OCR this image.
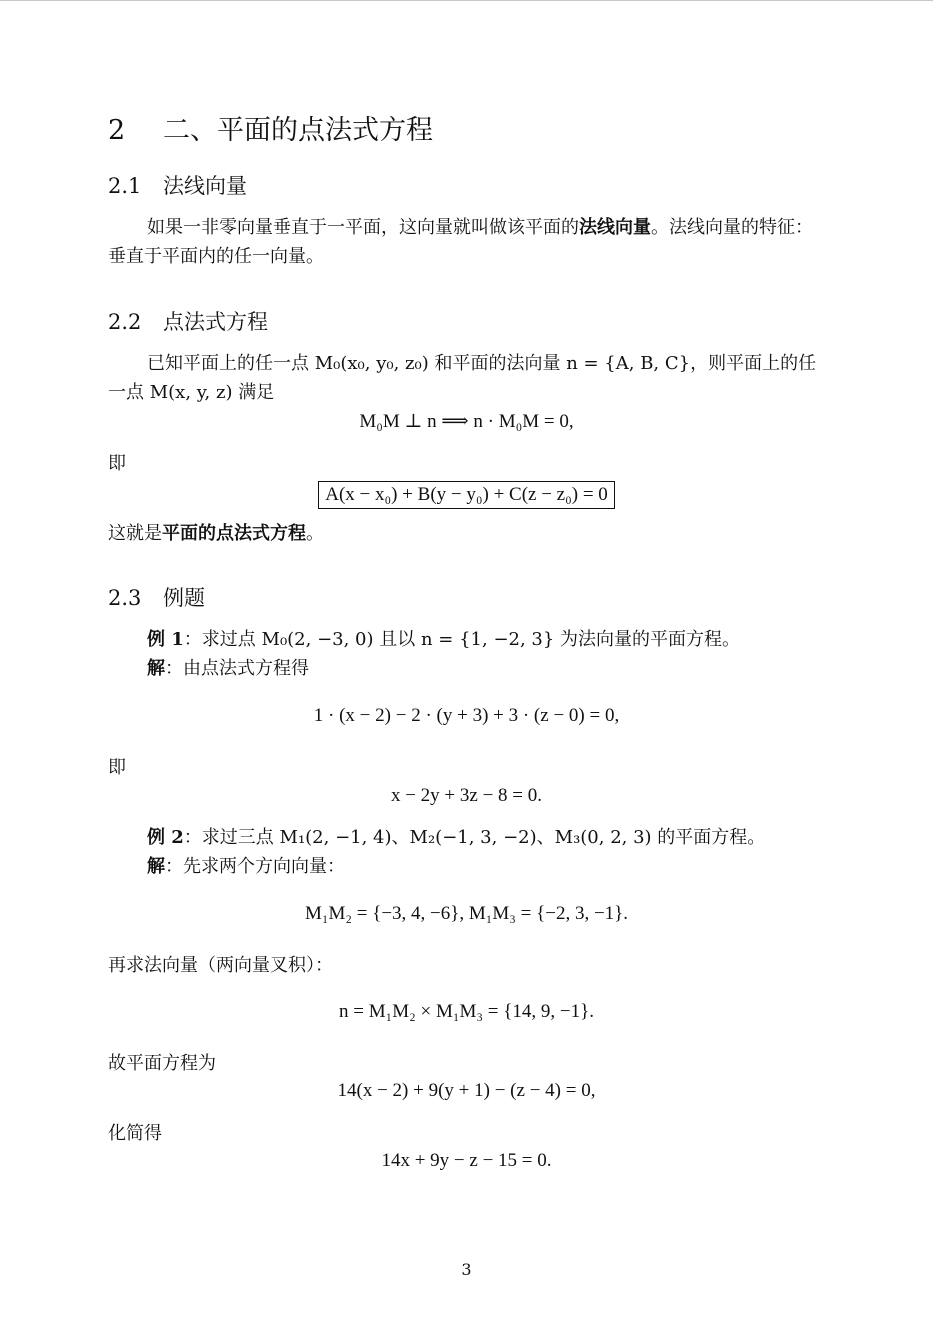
2 二、平面的点法式方程
2.1 法线向量
如果一非零向量垂直于一平面，这向量就叫做该平面的法线向量。法线向量的特征：
垂直于平面内的任一向量。
2.2 点法式方程
已知平面上的任一点 M₀(x₀, y₀, z₀) 和平面的法向量 n = {A, B, C}，则平面上的任
一点 M(x, y, z) 满足
M₀M ⊥ n ⟹ n · M₀M = 0,
即
A(x − x₀) + B(y − y₀) + C(z − z₀) = 0
这就是平面的点法式方程。
2.3 例题
例 1：求过点 M₀(2, −3, 0) 且以 n = {1, −2, 3} 为法向量的平面方程。
解：由点法式方程得
1 · (x − 2) − 2 · (y + 3) + 3 · (z − 0) = 0,
即
x − 2y + 3z − 8 = 0.
例 2：求过三点 M₁(2, −1, 4)、M₂(−1, 3, −2)、M₃(0, 2, 3) 的平面方程。
解：先求两个方向向量：
M₁M₂ = {−3, 4, −6}, M₁M₃ = {−2, 3, −1}.
再求法向量（两向量叉积）：
n = M₁M₂ × M₁M₃ = {14, 9, −1}.
故平面方程为
14(x − 2) + 9(y + 1) − (z − 4) = 0,
化简得
14x + 9y − z − 15 = 0.
3
